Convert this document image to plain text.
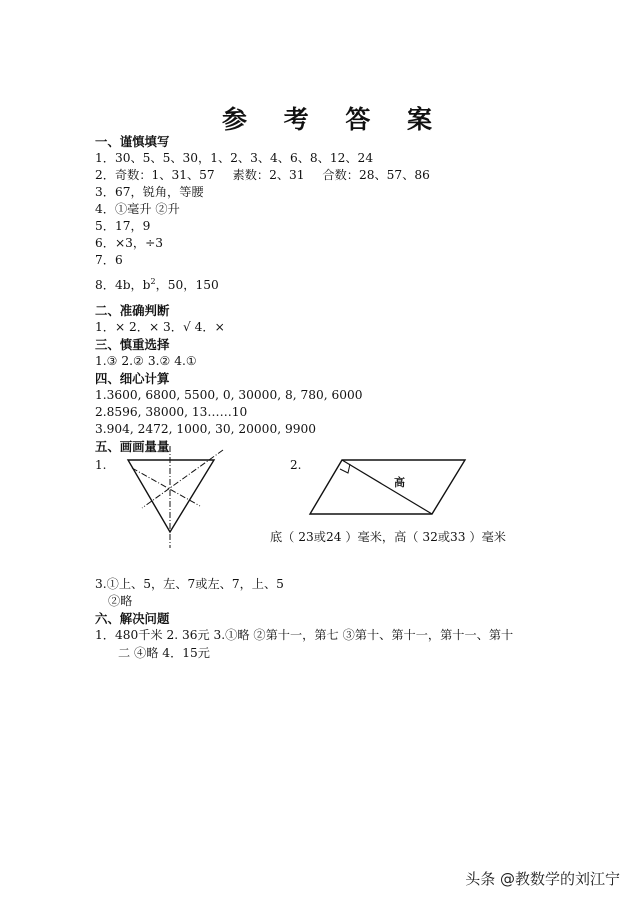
参 考 答 案
一、谨慎填写
1．30、5、5、30，1、2、3、4、6、8、12、24
2．奇数：1、31、57 素数：2、31 合数：28、57、86
3．67，锐角，等腰
4．①毫升 ②升
5．17，9
6．×3，÷3
7．6
8．4b，$b^2$，50，150
二、准确判断
1．× 2．× 3．√ 4．×
三、慎重选择
1.③ 2.② 3.② 4.①
四、细心计算
1.3600, 6800, 5500, 0, 30000, 8, 780, 6000
2.8596, 38000, 13……10
3.904, 2472, 1000, 30, 20000, 9900
五、画画量量
1.	2.
高
底（ 23或24 ）毫米，高（ 32或33 ）毫米
3.①上、5，左、7或左、7，上、5
②略
六、解决问题
1．480千米 2. 36元 3.①略 ②第十一，第七 ③第十、第十一，第十一、第十
二 ④略 4．15元
头条 @教数学的刘江宁
